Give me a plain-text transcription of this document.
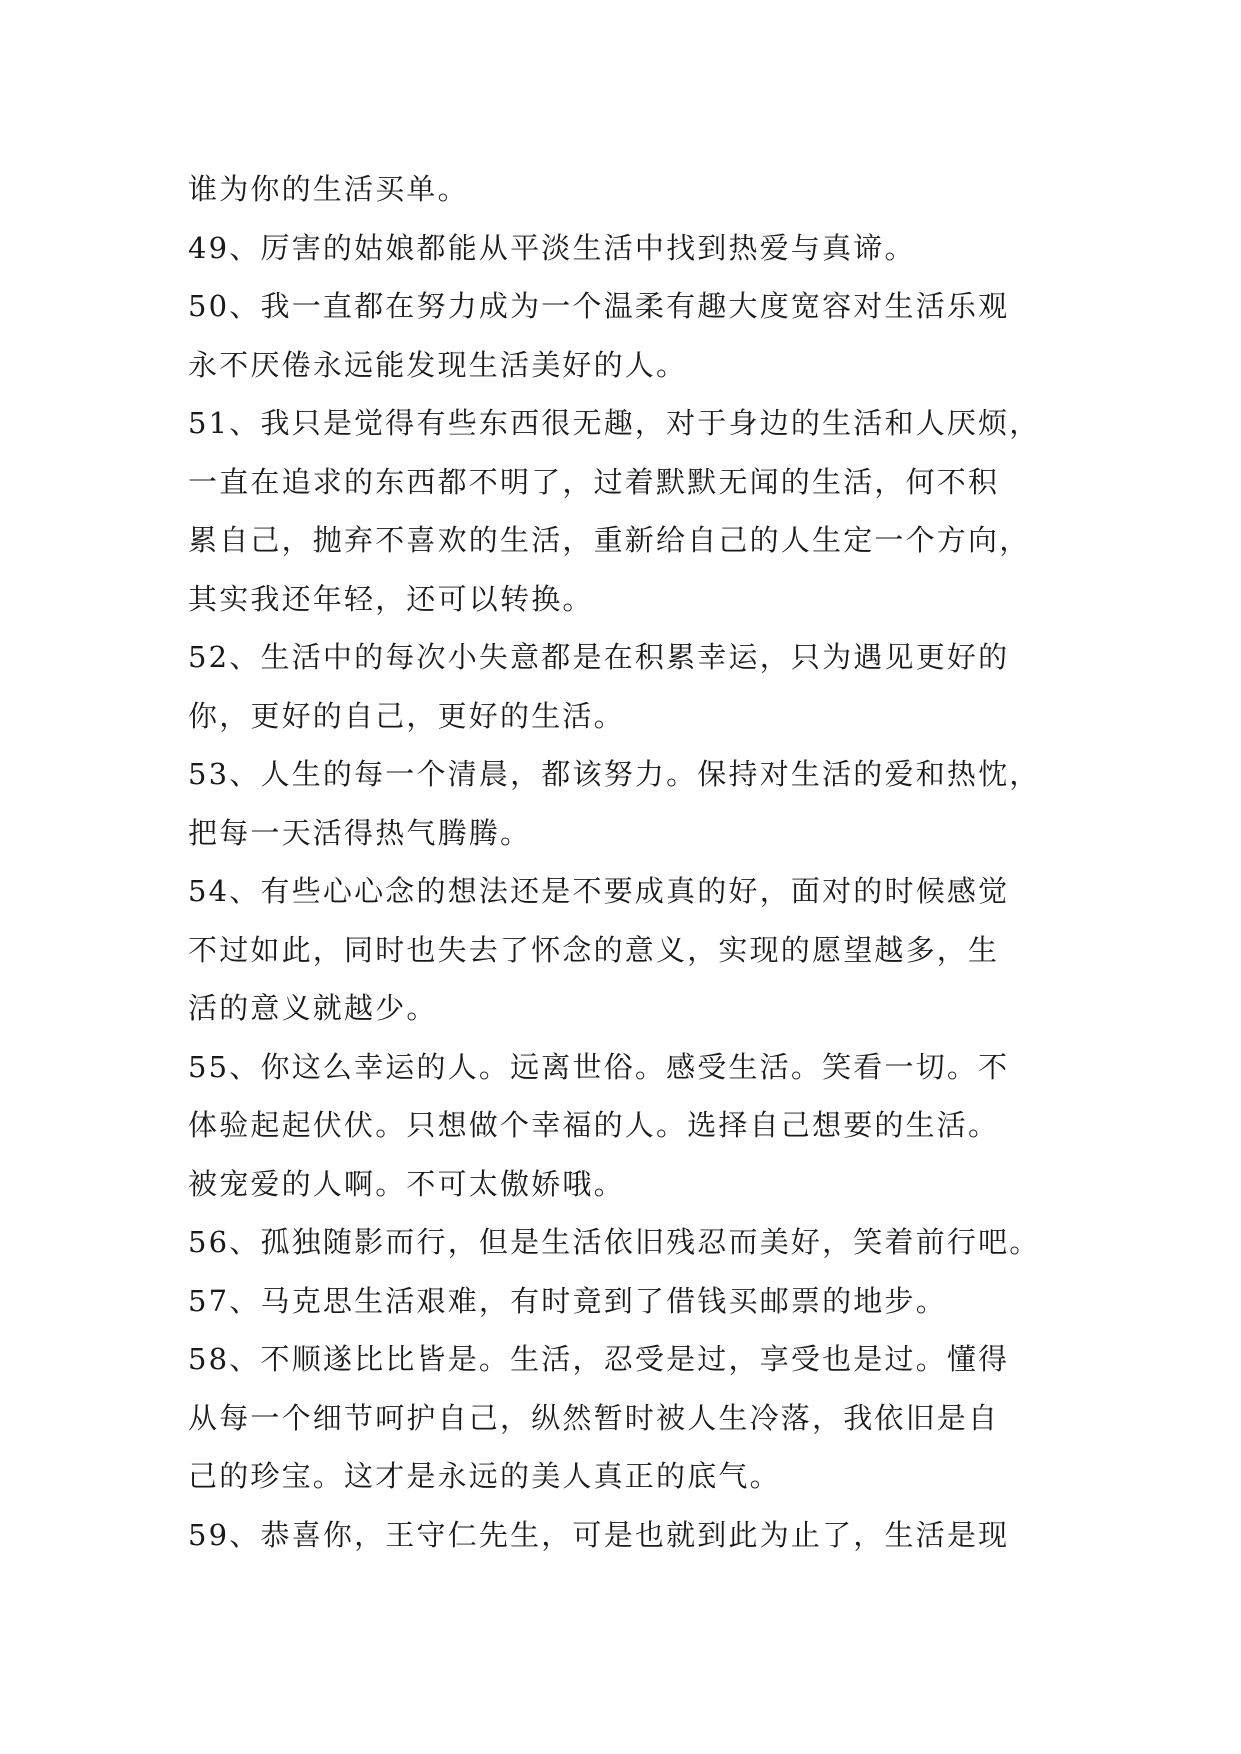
谁为你的生活买单。
49、厉害的姑娘都能从平淡生活中找到热爱与真谛。
50、我一直都在努力成为一个温柔有趣大度宽容对生活乐观
永不厌倦永远能发现生活美好的人。
51、我只是觉得有些东西很无趣，对于身边的生活和人厌烦，
一直在追求的东西都不明了，过着默默无闻的生活，何不积
累自己，抛弃不喜欢的生活，重新给自己的人生定一个方向，
其实我还年轻，还可以转换。
52、生活中的每次小失意都是在积累幸运，只为遇见更好的
你，更好的自己，更好的生活。
53、人生的每一个清晨，都该努力。保持对生活的爱和热忱，
把每一天活得热气腾腾。
54、有些心心念的想法还是不要成真的好，面对的时候感觉
不过如此，同时也失去了怀念的意义，实现的愿望越多，生
活的意义就越少。
55、你这么幸运的人。远离世俗。感受生活。笑看一切。不
体验起起伏伏。只想做个幸福的人。选择自己想要的生活。
被宠爱的人啊。不可太傲娇哦。
56、孤独随影而行，但是生活依旧残忍而美好，笑着前行吧。
57、马克思生活艰难，有时竟到了借钱买邮票的地步。
58、不顺遂比比皆是。生活，忍受是过，享受也是过。懂得
从每一个细节呵护自己，纵然暂时被人生冷落，我依旧是自
己的珍宝。这才是永远的美人真正的底气。
59、恭喜你，王守仁先生，可是也就到此为止了，生活是现
